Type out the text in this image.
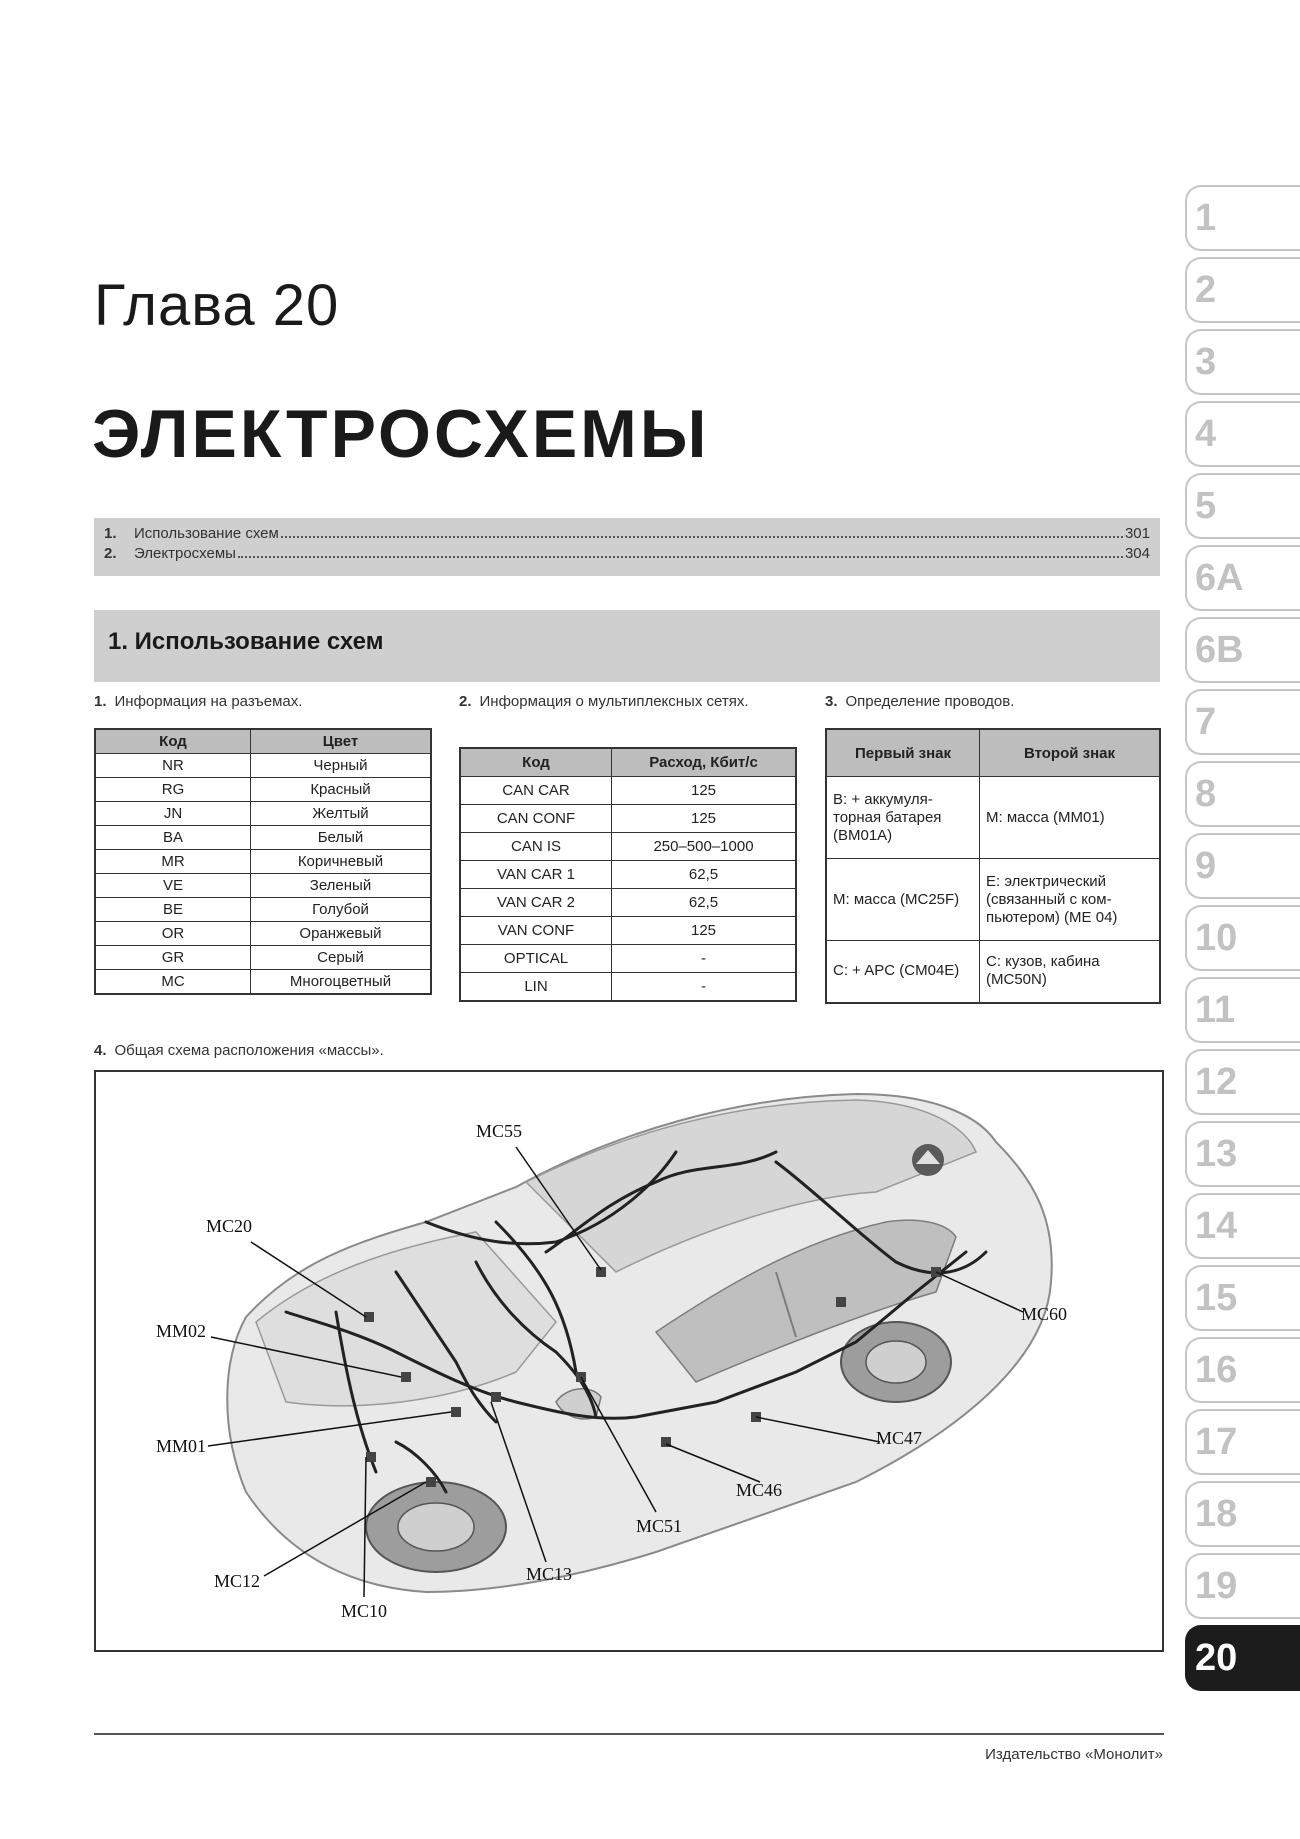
Глава 20
ЭЛЕКТРОСХЕМЫ
1.	Использование схем	301
2.	Электросхемы	304
1. Использование схем
1. Информация на разъемах.	2. Информация о мультиплексных сетях.	3. Определение проводов.
Код	Цвет
NR	Черный
RG	Красный
JN	Желтый
BA	Белый
MR	Коричневый
VE	Зеленый
BE	Голубой
OR	Оранжевый
GR	Серый
MC	Многоцветный
Код	Расход, Кбит/с
CAN CAR	125
CAN CONF	125
CAN IS	250–500–1000
VAN CAR 1	62,5
VAN CAR 2	62,5
VAN CONF	125
OPTICAL	-
LIN	-
Первый знак	Второй знак
B: + аккумуля-торная батарея (BM01A)	M: масса (MM01)
M: масса (MC25F)	E: электрический (связанный с ком-пьютером) (ME 04)
C: + APC (CM04E)	C: кузов, кабина (MC50N)
4. Общая схема расположения «массы».
MC55
MC20
MM02
MM01
MC12
MC10
MC13
MC51
MC46
MC47
MC60
Издательство «Монолит»
1
2
3
4
5
6A
6B
7
8
9
10
11
12
13
14
15
16
17
18
19
20
